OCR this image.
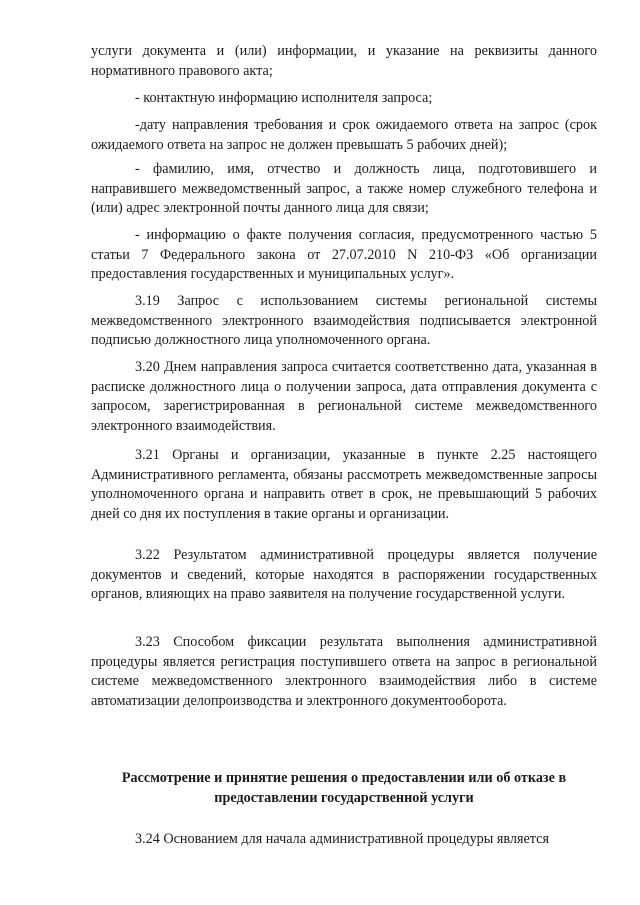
услуги документа и (или) информации, и указание на реквизиты данного нормативного правового акта;

- контактную информацию исполнителя запроса;

-дату направления требования и срок ожидаемого ответа на запрос (срок ожидаемого ответа на запрос не должен превышать 5 рабочих дней);

- фамилию, имя, отчество и должность лица, подготовившего и направившего межведомственный запрос, а также номер служебного телефона и (или) адрес электронной почты данного лица для связи;

- информацию о факте получения согласия, предусмотренного частью 5 статьи 7 Федерального закона от 27.07.2010 N 210-ФЗ «Об организации предоставления государственных и муниципальных услуг».

3.19 Запрос с использованием системы региональной системы межведомственного электронного взаимодействия подписывается электронной подписью должностного лица уполномоченного органа.

3.20 Днем направления запроса считается соответственно дата, указанная в расписке должностного лица о получении запроса, дата отправления документа с запросом, зарегистрированная в региональной системе межведомственного электронного взаимодействия.

3.21 Органы и организации, указанные в пункте 2.25 настоящего Административного регламента, обязаны рассмотреть межведомственные запросы уполномоченного органа и направить ответ в срок, не превышающий 5 рабочих дней со дня их поступления в такие органы и организации.

3.22 Результатом административной процедуры является получение документов и сведений, которые находятся в распоряжении государственных органов, влияющих на право заявителя на получение государственной услуги.

3.23 Способом фиксации результата выполнения административной процедуры является регистрация поступившего ответа на запрос в региональной системе межведомственного электронного взаимодействия либо в системе автоматизации делопроизводства и электронного документооборота.

Рассмотрение и принятие решения о предоставлении или об отказе в предоставлении государственной услуги

3.24 Основанием для начала административной процедуры является
